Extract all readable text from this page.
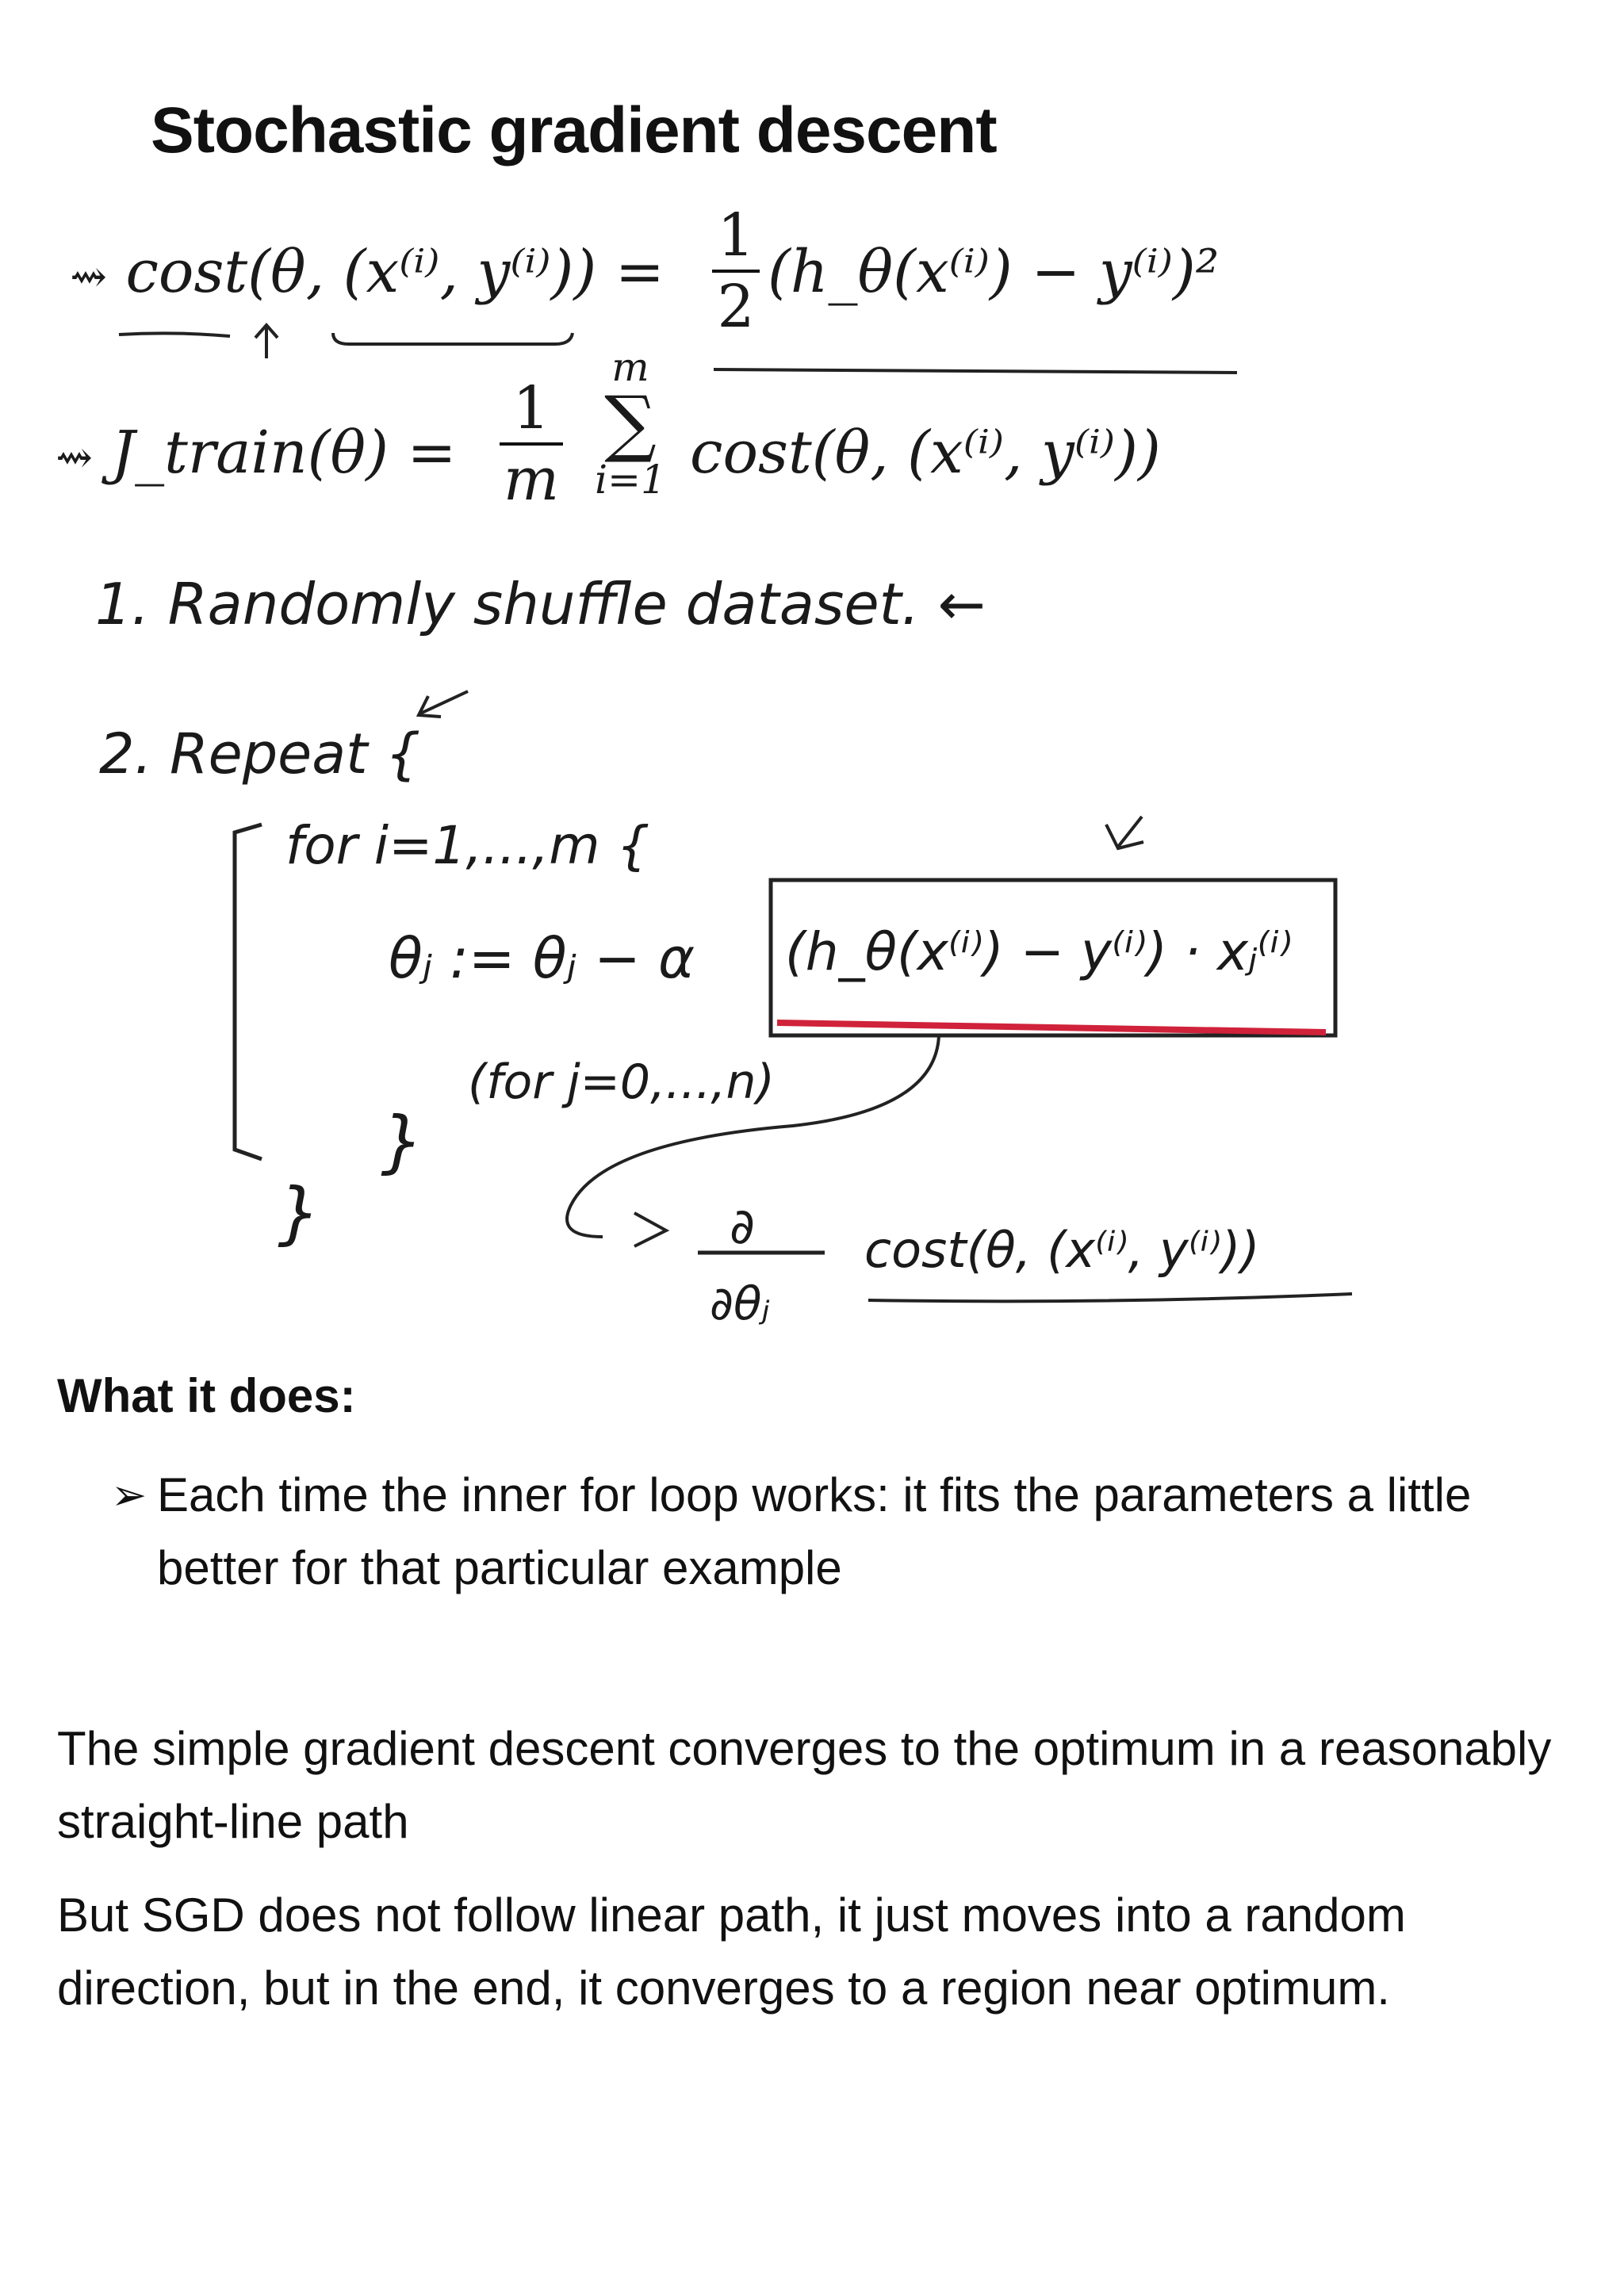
Stochastic gradient descent
⇝ cost(θ, (x⁽ⁱ⁾, y⁽ⁱ⁾)) =
1
2
(h_θ(x⁽ⁱ⁾) − y⁽ⁱ⁾)²
⇝ J_train(θ) =
1
m
m
∑
i=1 cost(θ, (x⁽ⁱ⁾, y⁽ⁱ⁾))
1. Randomly shuffle dataset. ←
2. Repeat {
for i=1,...,m {
θⱼ := θⱼ − α (h_θ(x⁽ⁱ⁾) − y⁽ⁱ⁾) · xⱼ⁽ⁱ⁾
(for j=0,...,n)
}
}	∂
∂θⱼ
cost(θ, (x⁽ⁱ⁾, y⁽ⁱ⁾))
What it does:
➢ Each time the inner for loop works: it fits the parameters a little better for that particular example
The simple gradient descent converges to the optimum in a reasonably straight-line path
But SGD does not follow linear path, it just moves into a random direction, but in the end, it converges to a region near optimum.
